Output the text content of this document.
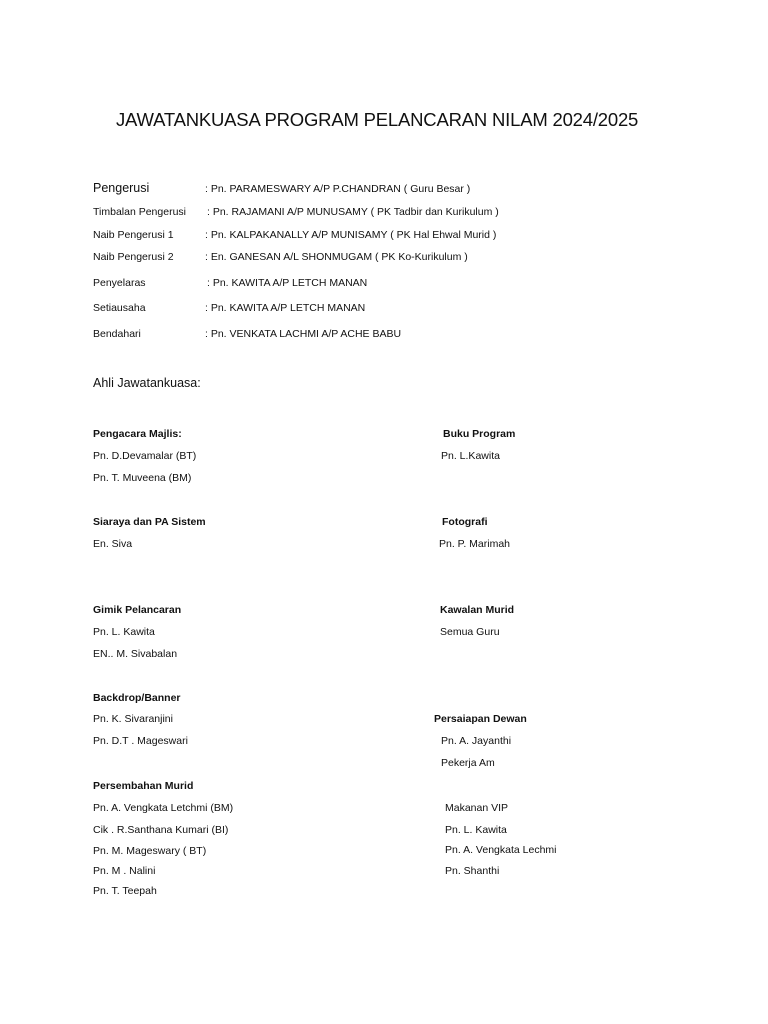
JAWATANKUASA PROGRAM PELANCARAN NILAM 2024/2025
Pengerusi	: Pn. PARAMESWARY A/P P.CHANDRAN ( Guru Besar )
Timbalan Pengerusi : Pn. RAJAMANI A/P MUNUSAMY ( PK Tadbir dan Kurikulum )
Naib Pengerusi 1	: Pn. KALPAKANALLY A/P MUNISAMY ( PK Hal Ehwal Murid )
Naib Pengerusi 2	: En. GANESAN A/L SHONMUGAM ( PK Ko-Kurikulum )
Penyelaras	: Pn. KAWITA A/P LETCH MANAN
Setiausaha	: Pn. KAWITA A/P LETCH MANAN
Bendahari	: Pn. VENKATA LACHMI A/P ACHE BABU
Ahli Jawatankuasa:
Pengacara Majlis:
Pn. D.Devamalar (BT)
Pn. T. Muveena (BM)
Siaraya dan PA Sistem
En. Siva
Gimik Pelancaran
Pn. L. Kawita
EN.. M. Sivabalan
Backdrop/Banner
Pn. K. Sivaranjini
Pn. D.T . Mageswari
Persembahan Murid
Pn. A. Vengkata Letchmi (BM)
Cik . R.Santhana Kumari (BI)
Pn. M. Mageswary ( BT)
Pn. M . Nalini
Pn. T. Teepah
Buku Program
Pn. L.Kawita
Fotografi
Pn. P. Marimah
Kawalan Murid
Semua Guru
Persaiapan Dewan
Pn. A. Jayanthi
Pekerja Am
Makanan VIP
Pn. L. Kawita
Pn. A. Vengkata Lechmi
Pn. Shanthi
